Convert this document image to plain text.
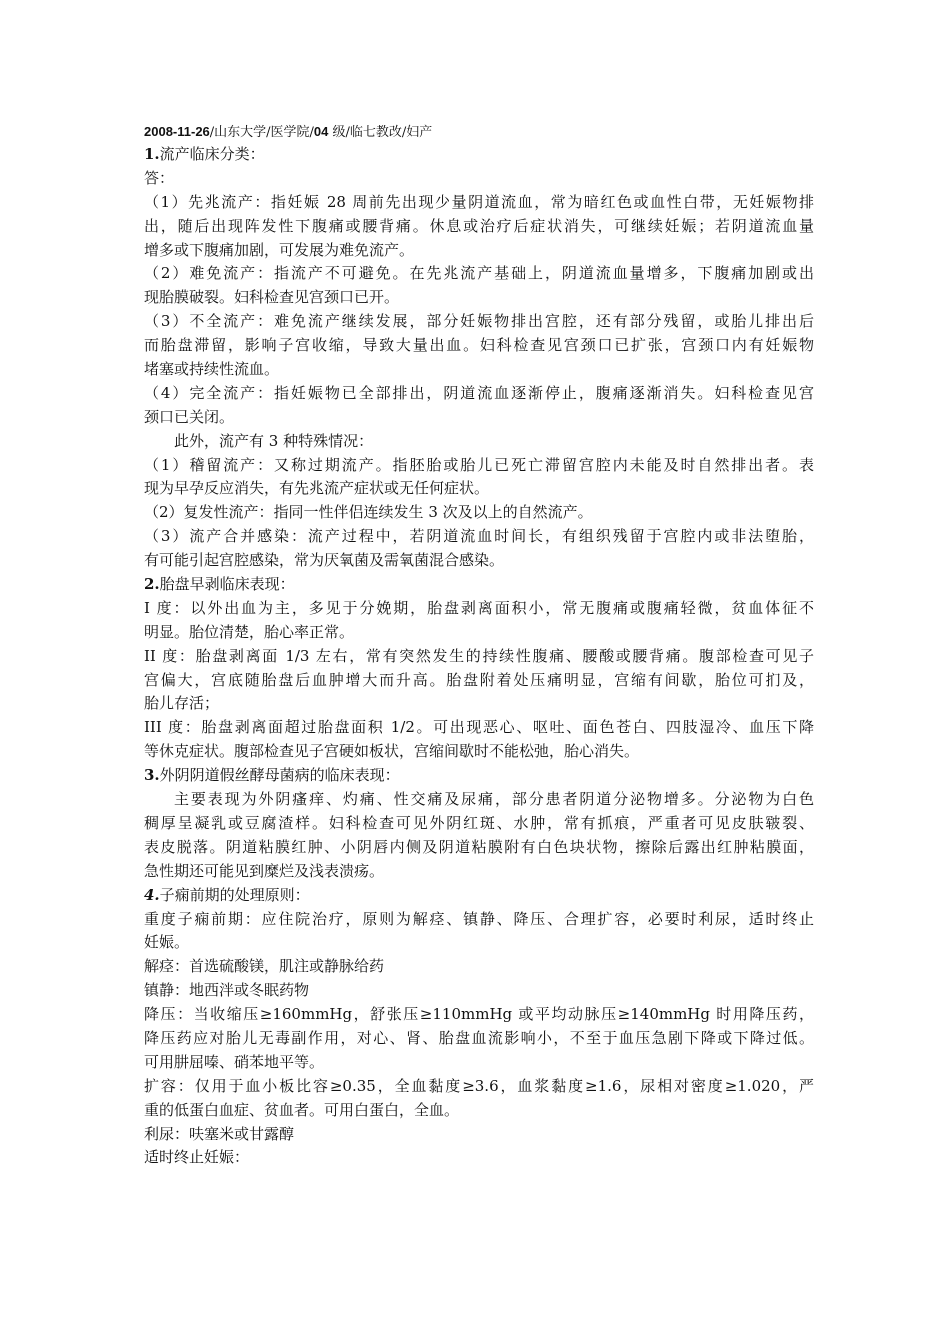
2008-11-26/山东大学/医学院/04 级/临七教改/妇产
1.流产临床分类：
答：
（1）先兆流产：指妊娠 28 周前先出现少量阴道流血，常为暗红色或血性白带，无妊娠物排
出，随后出现阵发性下腹痛或腰背痛。休息或治疗后症状消失，可继续妊娠；若阴道流血量
增多或下腹痛加剧，可发展为难免流产。
（2）难免流产：指流产不可避免。在先兆流产基础上，阴道流血量增多，下腹痛加剧或出
现胎膜破裂。妇科检查见宫颈口已开。
（3）不全流产：难免流产继续发展，部分妊娠物排出宫腔，还有部分残留，或胎儿排出后
而胎盘滞留，影响子宫收缩，导致大量出血。妇科检查见宫颈口已扩张，宫颈口内有妊娠物
堵塞或持续性流血。
（4）完全流产：指妊娠物已全部排出，阴道流血逐渐停止，腹痛逐渐消失。妇科检查见宫
颈口已关闭。
此外，流产有 3 种特殊情况：
（1）稽留流产：又称过期流产。指胚胎或胎儿已死亡滞留宫腔内未能及时自然排出者。表
现为早孕反应消失，有先兆流产症状或无任何症状。
（2）复发性流产：指同一性伴侣连续发生 3 次及以上的自然流产。
（3）流产合并感染：流产过程中，若阴道流血时间长，有组织残留于宫腔内或非法堕胎，
有可能引起宫腔感染，常为厌氧菌及需氧菌混合感染。
2.胎盘早剥临床表现：
I 度：以外出血为主，多见于分娩期，胎盘剥离面积小，常无腹痛或腹痛轻微，贫血体征不
明显。胎位清楚，胎心率正常。
II 度：胎盘剥离面 1/3 左右，常有突然发生的持续性腹痛、腰酸或腰背痛。腹部检查可见子
宫偏大，宫底随胎盘后血肿增大而升高。胎盘附着处压痛明显，宫缩有间歇，胎位可扪及，
胎儿存活；
III 度：胎盘剥离面超过胎盘面积 1/2。可出现恶心、呕吐、面色苍白、四肢湿冷、血压下降
等休克症状。腹部检查见子宫硬如板状，宫缩间歇时不能松弛，胎心消失。
3.外阴阴道假丝酵母菌病的临床表现：
主要表现为外阴瘙痒、灼痛、性交痛及尿痛，部分患者阴道分泌物增多。分泌物为白色
稠厚呈凝乳或豆腐渣样。妇科检查可见外阴红斑、水肿，常有抓痕，严重者可见皮肤皲裂、
表皮脱落。阴道粘膜红肿、小阴唇内侧及阴道粘膜附有白色块状物，擦除后露出红肿粘膜面，
急性期还可能见到糜烂及浅表溃疡。
4.子痫前期的处理原则：
重度子痫前期：应住院治疗，原则为解痉、镇静、降压、合理扩容，必要时利尿，适时终止
妊娠。
解痉：首选硫酸镁，肌注或静脉给药
镇静：地西泮或冬眠药物
降压：当收缩压≥160mmHg，舒张压≥110mmHg 或平均动脉压≥140mmHg 时用降压药，
降压药应对胎儿无毒副作用，对心、肾、胎盘血流影响小，不至于血压急剧下降或下降过低。
可用肼屈嗪、硝苯地平等。
扩容：仅用于血小板比容≥0.35，全血黏度≥3.6，血浆黏度≥1.6，尿相对密度≥1.020，严
重的低蛋白血症、贫血者。可用白蛋白，全血。
利尿：呋塞米或甘露醇
适时终止妊娠：
